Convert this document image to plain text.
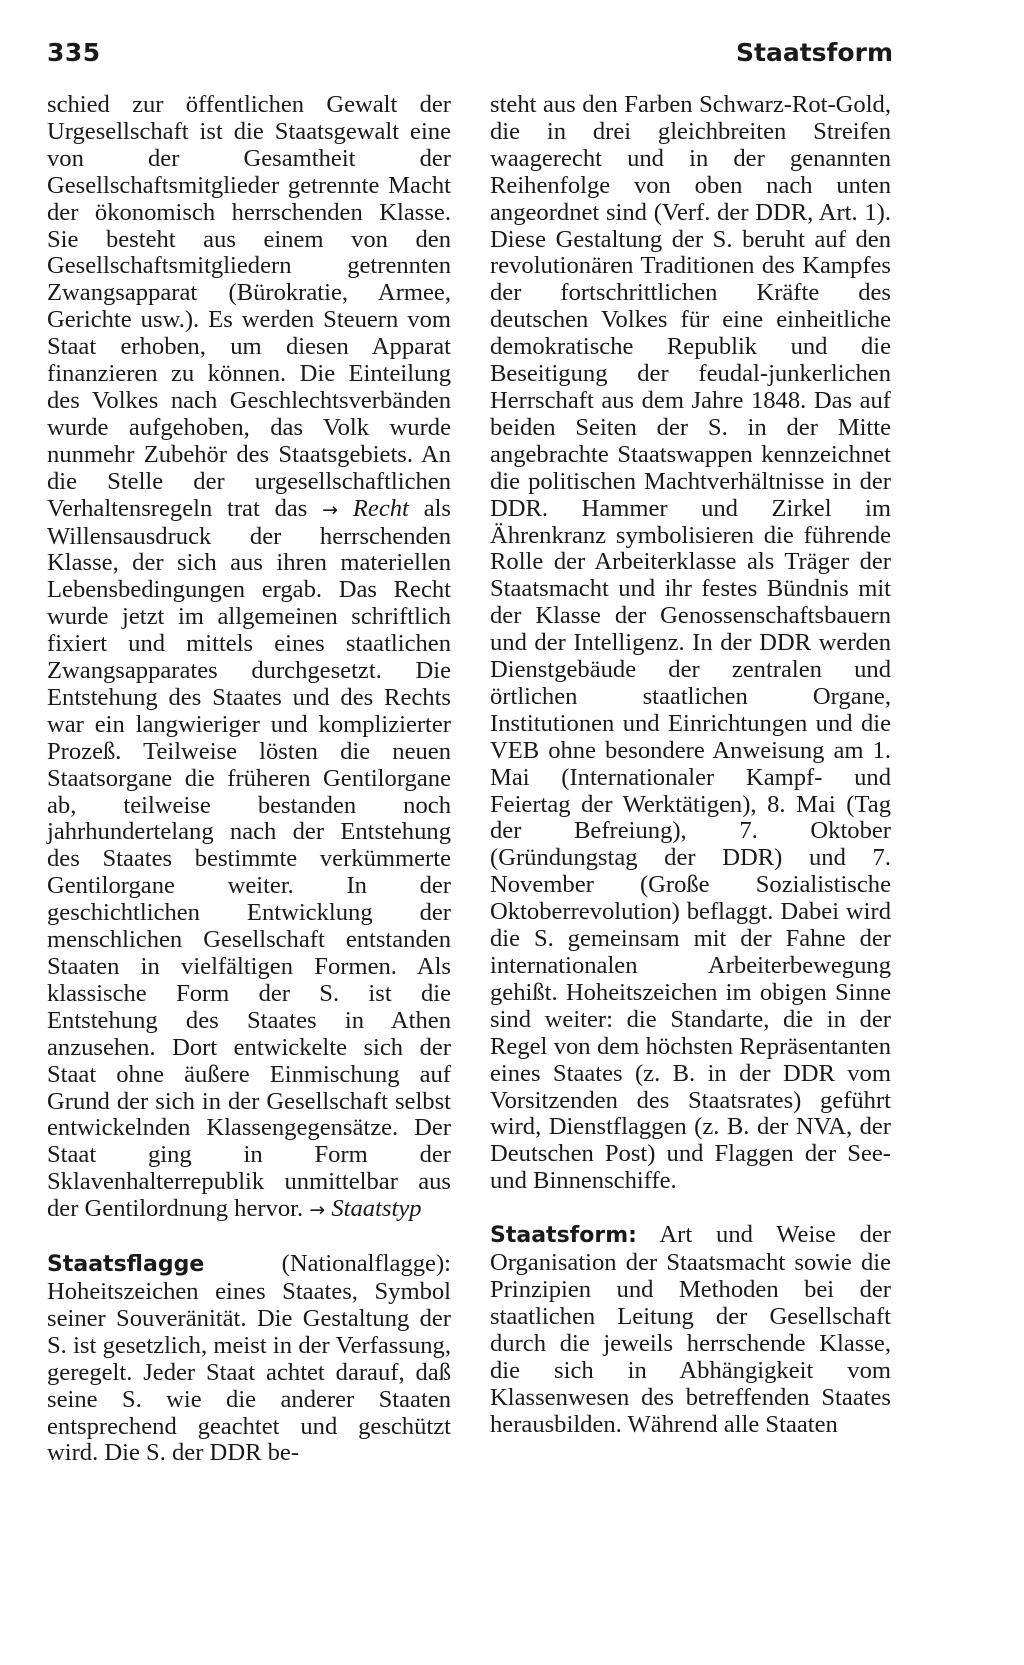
335	Staatsform

schied zur öffentlichen Gewalt der Urgesellschaft ist die Staatsgewalt eine von der Gesamtheit der Gesellschaftsmitglieder getrennte Macht der ökonomisch herrschenden Klasse. Sie besteht aus einem von den Gesellschaftsmitgliedern getrennten Zwangsapparat (Bürokratie, Armee, Gerichte usw.). Es werden Steuern vom Staat erhoben, um diesen Apparat finanzieren zu können. Die Einteilung des Volkes nach Geschlechtsverbänden wurde aufgehoben, das Volk wurde nunmehr Zubehör des Staatsgebiets. An die Stelle der urgesellschaftlichen Verhaltensregeln trat das → Recht als Willensausdruck der herrschenden Klasse, der sich aus ihren materiellen Lebensbedingungen ergab. Das Recht wurde jetzt im allgemeinen schriftlich fixiert und mittels eines staatlichen Zwangsapparates durchgesetzt. Die Entstehung des Staates und des Rechts war ein langwieriger und komplizierter Prozeß. Teilweise lösten die neuen Staatsorgane die früheren Gentilorgane ab, teilweise bestanden noch jahrhundertelang nach der Entstehung des Staates bestimmte verkümmerte Gentilorgane weiter. In der geschichtlichen Entwicklung der menschlichen Gesellschaft entstanden Staaten in vielfältigen Formen. Als klassische Form der S. ist die Entstehung des Staates in Athen anzusehen. Dort entwickelte sich der Staat ohne äußere Einmischung auf Grund der sich in der Gesellschaft selbst entwickelnden Klassengegensätze. Der Staat ging in Form der Sklavenhalterrepublik unmittelbar aus der Gentilordnung hervor. → Staatstyp

Staatsflagge	(Nationalflagge): Hoheitszeichen eines Staates, Symbol seiner Souveränität. Die Gestaltung der S. ist gesetzlich, meist in der Verfassung, geregelt. Jeder Staat achtet darauf, daß seine S. wie die anderer Staaten entsprechend geachtet und geschützt wird. Die S. der DDR be-

steht aus den Farben Schwarz-Rot-Gold, die in drei gleichbreiten Streifen waagerecht und in der genannten Reihenfolge von oben nach unten angeordnet sind (Verf. der DDR, Art. 1). Diese Gestaltung der S. beruht auf den revolutionären Traditionen des Kampfes der fortschrittlichen Kräfte des deutschen Volkes für eine einheitliche demokratische Republik und die Beseitigung der feudal-junkerlichen Herrschaft aus dem Jahre 1848. Das auf beiden Seiten der S. in der Mitte angebrachte Staatswappen kennzeichnet die politischen Machtverhältnisse in der DDR. Hammer und Zirkel im Ährenkranz symbolisieren die führende Rolle der Arbeiterklasse als Träger der Staatsmacht und ihr festes Bündnis mit der Klasse der Genossenschaftsbauern und der Intelligenz. In der DDR werden Dienstgebäude der zentralen und örtlichen staatlichen Organe, Institutionen und Einrichtungen und die VEB ohne besondere Anweisung am 1. Mai (Internationaler Kampf- und Feiertag der Werktätigen), 8. Mai (Tag der Befreiung), 7. Oktober (Gründungstag der DDR) und 7. November (Große Sozialistische Oktoberrevolution) beflaggt. Dabei wird die S. gemeinsam mit der Fahne der internationalen Arbeiterbewegung gehißt. Hoheitszeichen im obigen Sinne sind weiter: die Standarte, die in der Regel von dem höchsten Repräsentanten eines Staates (z. B. in der DDR vom Vorsitzenden des Staatsrates) geführt wird, Dienstflaggen (z. B. der NVA, der Deutschen Post) und Flaggen der See- und Binnenschiffe.

Staatsform: Art und Weise der Organisation der Staatsmacht sowie die Prinzipien und Methoden bei der staatlichen Leitung der Gesellschaft durch die jeweils herrschende Klasse, die sich in Abhängigkeit vom Klassenwesen des betreffenden Staates herausbilden. Während alle Staaten
